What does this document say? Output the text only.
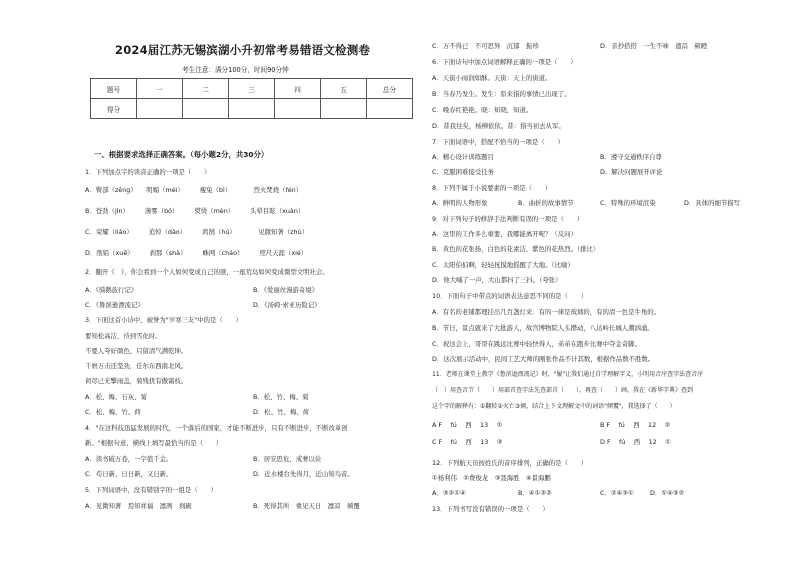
2024届江苏无锡滨湖小升初常考易错语文检测卷
考生注意：满分100分，时间90分钟
题号	一	二	三	四	五	总分
得分						
一、根据要求选择正确答案。（每小题2分，共30分）
1．下列加点字的读音正确的一项是（　　）
A．臀部（zěng）　　明媚（méi）　　　瘦兔（bì）　　　　烈火焚烧（fén）
B．苍劲（jìn）　　　薄雾（bó）　　　熨烫（mèn）　　　头晕目眩（xuàn）
C．荣耀（liáo）　　　追悼（dào）　　　鸿鹄（hú）　　　　见微知著（zhù）
D．削铅（xuē）　　　刹那（shà）　　　蛛网（cháo）　　　咫尺天涯（xié）
2．翻开《　》，你会看到一个人如何变成自己的匪，一座荒岛如何变成微型文明社会。
A．《骑鹅旅行记》	B．《爱丽丝漫游奇境》
C．《鲁滨逊漂流记》	D．《汤姆·索亚历险记》
3．下面这首小诗中，被誉为"岁寒三友"中的是（　　）
要知松高洁，待到雪化时。
不要人夸好颜色，只留清气满乾坤。
千磨万击还坚劲，任尔东西南北风。
荷尽已无擎雨盖，菊残犹有傲霜枝。
A．松、梅、石灰、菊	B．松、竹、梅、菊
C．松、梅、竹、荷	D．松、竹、梅、荷
4．"在这科技迅猛发展的时代，一个落后的国家，才能不断进步，只有不断进步，不断改革创
新。"根据句意，横线上填写最恰当的是（　　）
A．读书破万卷，一字值千金。	B．居安思危，戒奢以俭
C．苟日新，日日新，又日新。	D．近水楼台先得月，近山知鸟音。
5．下列词语中，没有错别字的一组是（　　）
A．见微知著　焉知祥福　凛冽　刹刷	B．死得其所　重见天日　凛凉　倾覆
C．万不得已　不可思异　沉郁　振珍	D．亲抄搭搭　一生不味　遗鬲　顿瞪
6．下面诗句中加点词语解释正确的一项是（　　）
A．天街小雨润如酥。天街：天上的街道。
B．当春乃发生。发生：原来指的事情已出现了。
C．晚春红艳艳。晓：知晓，知道。
D．昔我往矣，杨柳依依。昔：指当初去从军。
7．下面词语中，搭配不恰当的一项是（　　）
A．精心设计训练题目	B．遵守交通秩序自尊
C．克服困难接受任务	D．解决问题展开评论
8．下列不属于小说要素的一项是（　　）
A．鲜明的人物形象	B．曲折的故事情节	C．特殊的环境渲染	D．具体的细节描写
9．对下列句子的修辞手法判断有误的一项是（　　）
A．这里的工作多么重要，我哪能离开呢？（反问）
B．黄色的花张扬，白色的花素洁，紫色的花热烈。（排比）
C．太阳伯伯啊，轻轻抚摸地摇醒了大地。（比喻）
D．他大喊了一声，大山都抖了三抖。（夸张）
10．下面句子中带点的词语表达意思不同的是（　　）
A．有名的老铺都理挂出几百盏灯来：有的一律是玻璃的，有的清一色是牛角的。
B．节日，景点就来了大批游人，故宫博物院人头攒动，八达岭长城人潮汹涌。
C．祝这会上，哥哥在跳远比赛中轻快得人，弟弟在跑步比赛中夺金奇脚。
D．这次展示活动中，民间工艺大师的刚张作品不计其数，根据作品数不胜数。
11．老师在课堂上教学《鲁滨逊漂流记》时，"履"让我们通过自学理解字义，小明用音序查字法查音序
（　）用查音节（　　）用部首查字法先查部首（　　），再查（　　）画。我在《新华字典》查到
这个字的解释有：①翻转②灭亡③倾，结合上下文理解文中的词语"倾覆"，我选择了（　　）
A F　 fú　 西　 13　 ①	B F　 fú　 西　 12　 ②
C F　 fú　 西　 13　 ③	D F　 fú　 西　 12　 ①
12．下列航天员按姓氏的音序排列，正确的是（　　）
①杨利伟　②费俊龙　③聂海胜　④景海鹏
A．③②①④	B．④①③②	C．②④③①	D．①④③②
13．下列书写没有错误的一项是（　　）
